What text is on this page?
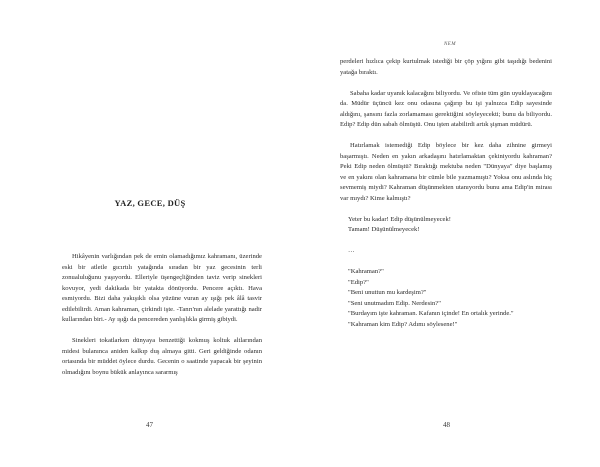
YAZ, GECE, DÜŞ

Hikâyenin varlığından pek de emin olamadığımız kahramanı, üzerinde eski bir atletle gıcırtılı yatağında sıradan bir yaz gecesinin terli zonualuluğunu yaşıyordu. Elleriyle üşengeçliğinden taviz verip sinekleri kovuyor, yedi dakikada bir yatakta dönüyordu. Pencere açıktı. Hava esmiyordu. Bizi daha yakışıklı olsa yüzüne vuran ay ışığı pek âlâ tasvir edilebilirdi. Aman kahraman, çirkindi işte. -Tanrı'nın alelade yarattığı nadir kullarından biri.- Ay ışığı da pencereden yanlışlıkla girmiş gibiydi.

Sinekleri tokatlarken dünyaya benzettiği kokmuş koltuk altlarından midesi bulanınca aniden kalkıp duş almaya gitti. Geri geldiğinde odanın ortasında bir müddet öylece durdu. Gecenin o saatinde yapacak bir şeyinin olmadığını boynu bükük anlayınca sararmış

47
NEM

perdeleri hızlıca çekip kurtulmak istediği bir çöp yığını gibi taşıdığı bedenini yatağa bıraktı.

Sabaha kadar uyanık kalacağını biliyordu. Ve ofiste tüm gün uyuklayacağını da. Müdür üçüncü kez onu odasına çağırıp bu işi yalnızca Edip sayesinde aldığını, şansını fazla zorlamaması gerektiğini söyleyecekti; bunu da biliyordu. Edip? Edip dün sabah ölmüştü. Onu işten atabilirdi artık şişman müdürü.

Hatırlamak istemediği Edip böylece bir kez daha zihnine girmeyi başarmıştı. Neden en yakın arkadaşını hatırlamaktan çekiniyordu kahraman? Peki Edip neden ölmüştü? Bıraktığı mektuba neden "Dünyaya" diye başlamış ve en yakını olan kahramana bir cümle bile yazmamıştı? Yoksa onu aslında hiç sevmemiş miydi? Kahraman düşünmekten utanıyordu bunu ama Edip'in mirası var mıydı? Kime kalmıştı?

Yeter bu kadar! Edip düşünülmeyecek!

Tamam! Düşünülmeyecek!

…

"Kahraman?"

"Edip?"

"Beni unuttun mu kardeşim?"

"Seni unutmadım Edip. Nerdesin?"

"Burdayım işte kahraman. Kafanın içinde! En ortalık yerinde."

"Kahraman kim Edip? Adımı söylesene!"

48
